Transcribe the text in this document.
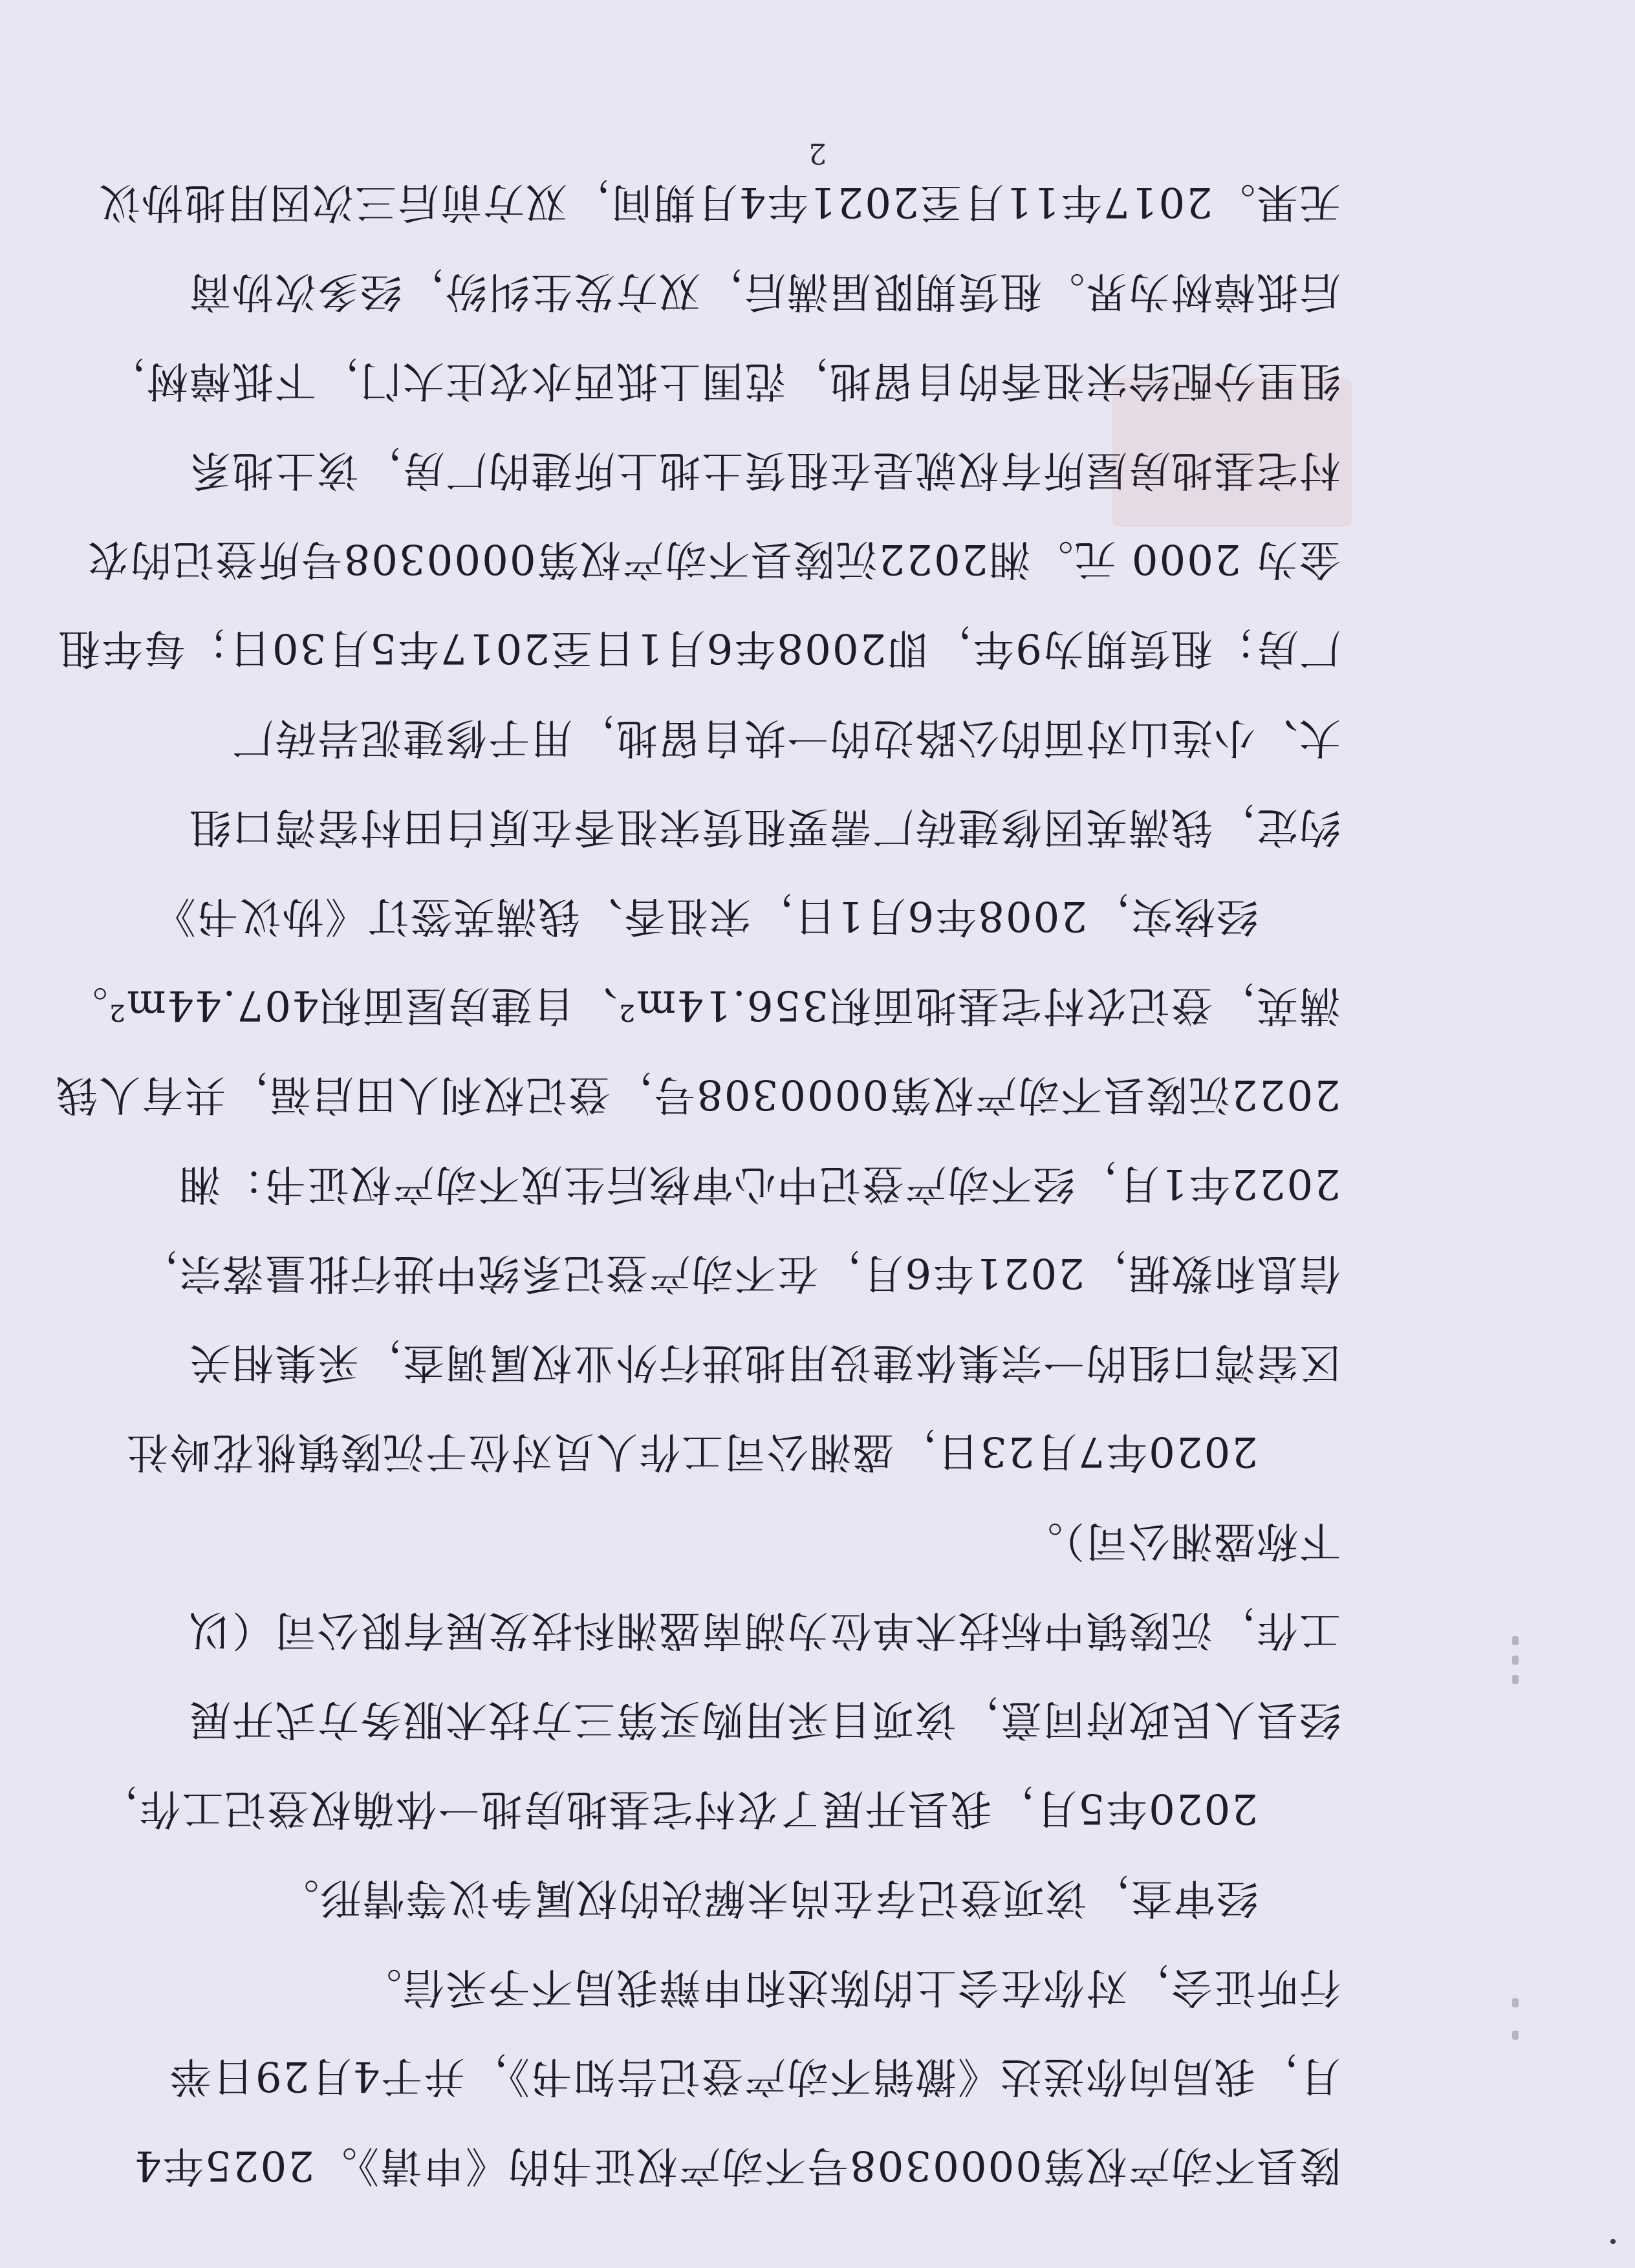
陵县不动产权第0000308号不动产权证书的《申请》。2025年4
月，我局向你送达《撤销不动产登记告知书》，并于4月29日举
行听证会，对你在会上的陈述和申辩我局不予采信。
经审查，该项登记存在尚未解决的权属争议等情形。
2020年5月，我县开展了农村宅基地房地一体确权登记工作，
经县人民政府同意，该项目采用购买第三方技术服务方式开展
工作，沅陵镇中标技术单位为湖南盛湘科技发展有限公司（以
下称盛湘公司）。
2020年7月23日，盛湘公司工作人员对位于沅陵镇桃花岭社
区窑湾口组的一宗集体建设用地进行外业权属调查，采集相关
信息和数据，2021年6月，在不动产登记系统中进行批量落宗，
2022年1月，经不动产登记中心审核后生成不动产权证书：湘
2022沅陵县不动产权第0000308号，登记权利人田启福，共有人钱
满英，登记农村宅基地面积356.14m²、自建房屋面积407.44m²。
经核实，2008年6月1日，宋祖香、钱满英签订《协议书》
约定，钱满英因修建砖厂需要租赁宋祖香在原白田村窑湾口组
大、小连山对面的公路边的一块自留地，用于修建泥岩砖厂
厂房；租赁期为9年，即2008年6月1日至2017年5月30日；每年租
金为 2000 元。湘2022沅陵县不动产权第0000308号所登记的农
村宅基地房屋所有权就是在租赁土地上所建的厂房，该土地系
组里分配给宋祖香的自留地，范围上抵西水农庄大门，下抵樟树，
后抵樟树为界。租赁期限届满后，双方发生纠纷，经多次协商
无果。2017年11月至2021年4月期间，双方前后三次因用地协议
2
